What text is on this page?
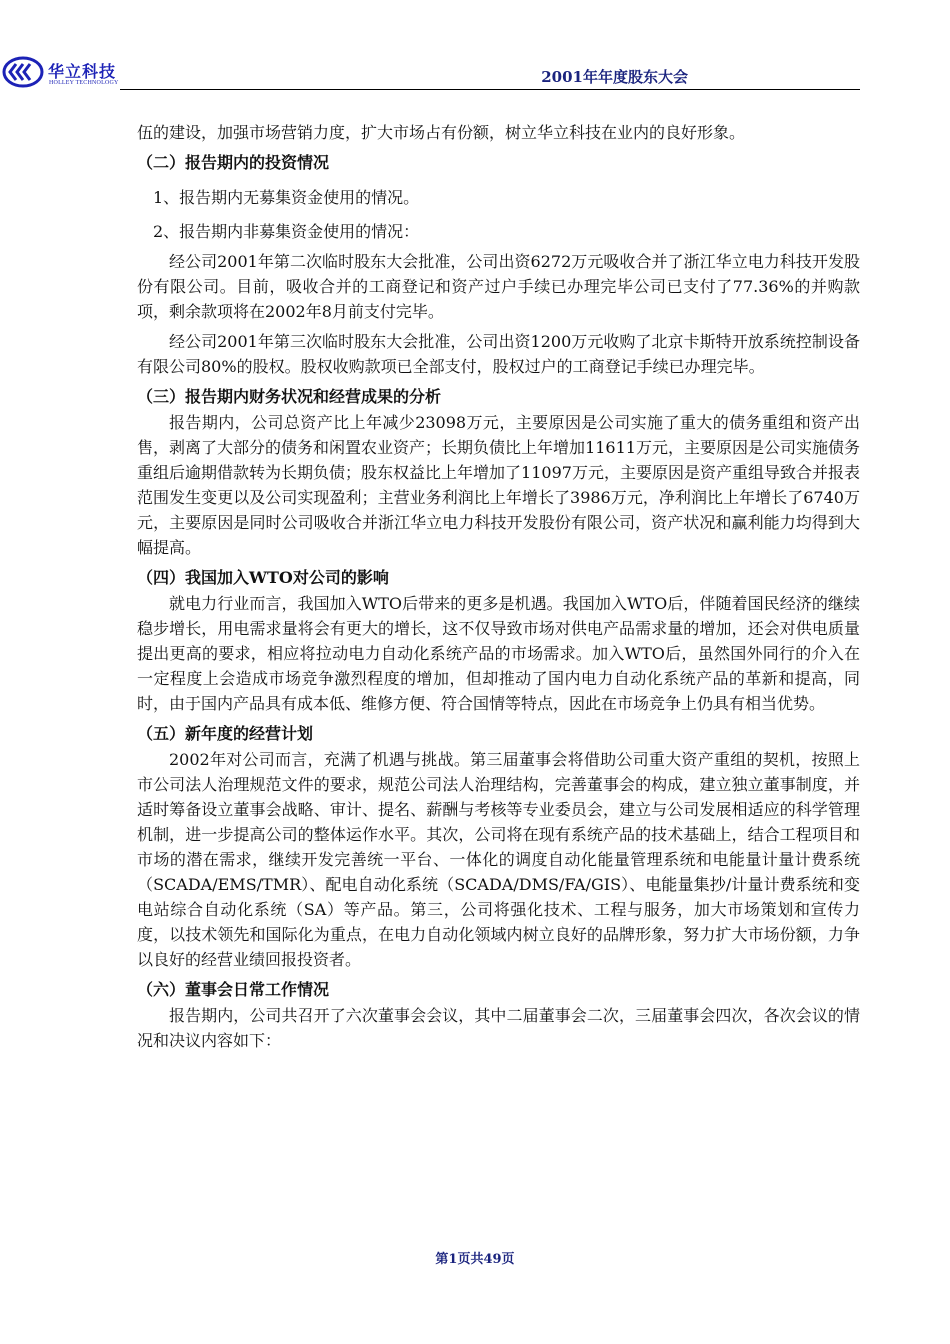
华立科技
HOLLEY TECHNOLOGY	2001年年度股东大会

伍的建设，加强市场营销力度，扩大市场占有份额，树立华立科技在业内的良好形象。

（二）报告期内的投资情况

1、报告期内无募集资金使用的情况。

2、报告期内非募集资金使用的情况：

经公司2001年第二次临时股东大会批准，公司出资6272万元吸收合并了浙江华立电力科技开发股份有限公司。目前，吸收合并的工商登记和资产过户手续已办理完毕公司已支付了77.36%的并购款项，剩余款项将在2002年8月前支付完毕。

经公司2001年第三次临时股东大会批准，公司出资1200万元收购了北京卡斯特开放系统控制设备有限公司80%的股权。股权收购款项已全部支付，股权过户的工商登记手续已办理完毕。

（三）报告期内财务状况和经营成果的分析

报告期内，公司总资产比上年减少23098万元，主要原因是公司实施了重大的债务重组和资产出售，剥离了大部分的债务和闲置农业资产；长期负债比上年增加11611万元，主要原因是公司实施债务重组后逾期借款转为长期负债；股东权益比上年增加了11097万元，主要原因是资产重组导致合并报表范围发生变更以及公司实现盈利；主营业务利润比上年增长了3986万元，净利润比上年增长了6740万元，主要原因是同时公司吸收合并浙江华立电力科技开发股份有限公司，资产状况和赢利能力均得到大幅提高。

（四）我国加入WTO对公司的影响

就电力行业而言，我国加入WTO后带来的更多是机遇。我国加入WTO后，伴随着国民经济的继续稳步增长，用电需求量将会有更大的增长，这不仅导致市场对供电产品需求量的增加，还会对供电质量提出更高的要求，相应将拉动电力自动化系统产品的市场需求。加入WTO后，虽然国外同行的介入在一定程度上会造成市场竞争激烈程度的增加，但却推动了国内电力自动化系统产品的革新和提高，同时，由于国内产品具有成本低、维修方便、符合国情等特点，因此在市场竞争上仍具有相当优势。

（五）新年度的经营计划

2002年对公司而言，充满了机遇与挑战。第三届董事会将借助公司重大资产重组的契机，按照上市公司法人治理规范文件的要求，规范公司法人治理结构，完善董事会的构成，建立独立董事制度，并适时筹备设立董事会战略、审计、提名、薪酬与考核等专业委员会，建立与公司发展相适应的科学管理机制，进一步提高公司的整体运作水平。其次，公司将在现有系统产品的技术基础上，结合工程项目和市场的潜在需求，继续开发完善统一平台、一体化的调度自动化能量管理系统和电能量计量计费系统（SCADA/EMS/TMR）、配电自动化系统（SCADA/DMS/FA/GIS）、电能量集抄/计量计费系统和变电站综合自动化系统（SA）等产品。第三，公司将强化技术、工程与服务，加大市场策划和宣传力度，以技术领先和国际化为重点，在电力自动化领域内树立良好的品牌形象，努力扩大市场份额，力争以良好的经营业绩回报投资者。

（六）董事会日常工作情况

报告期内，公司共召开了六次董事会会议，其中二届董事会二次，三届董事会四次，各次会议的情况和决议内容如下：

第1页共49页
